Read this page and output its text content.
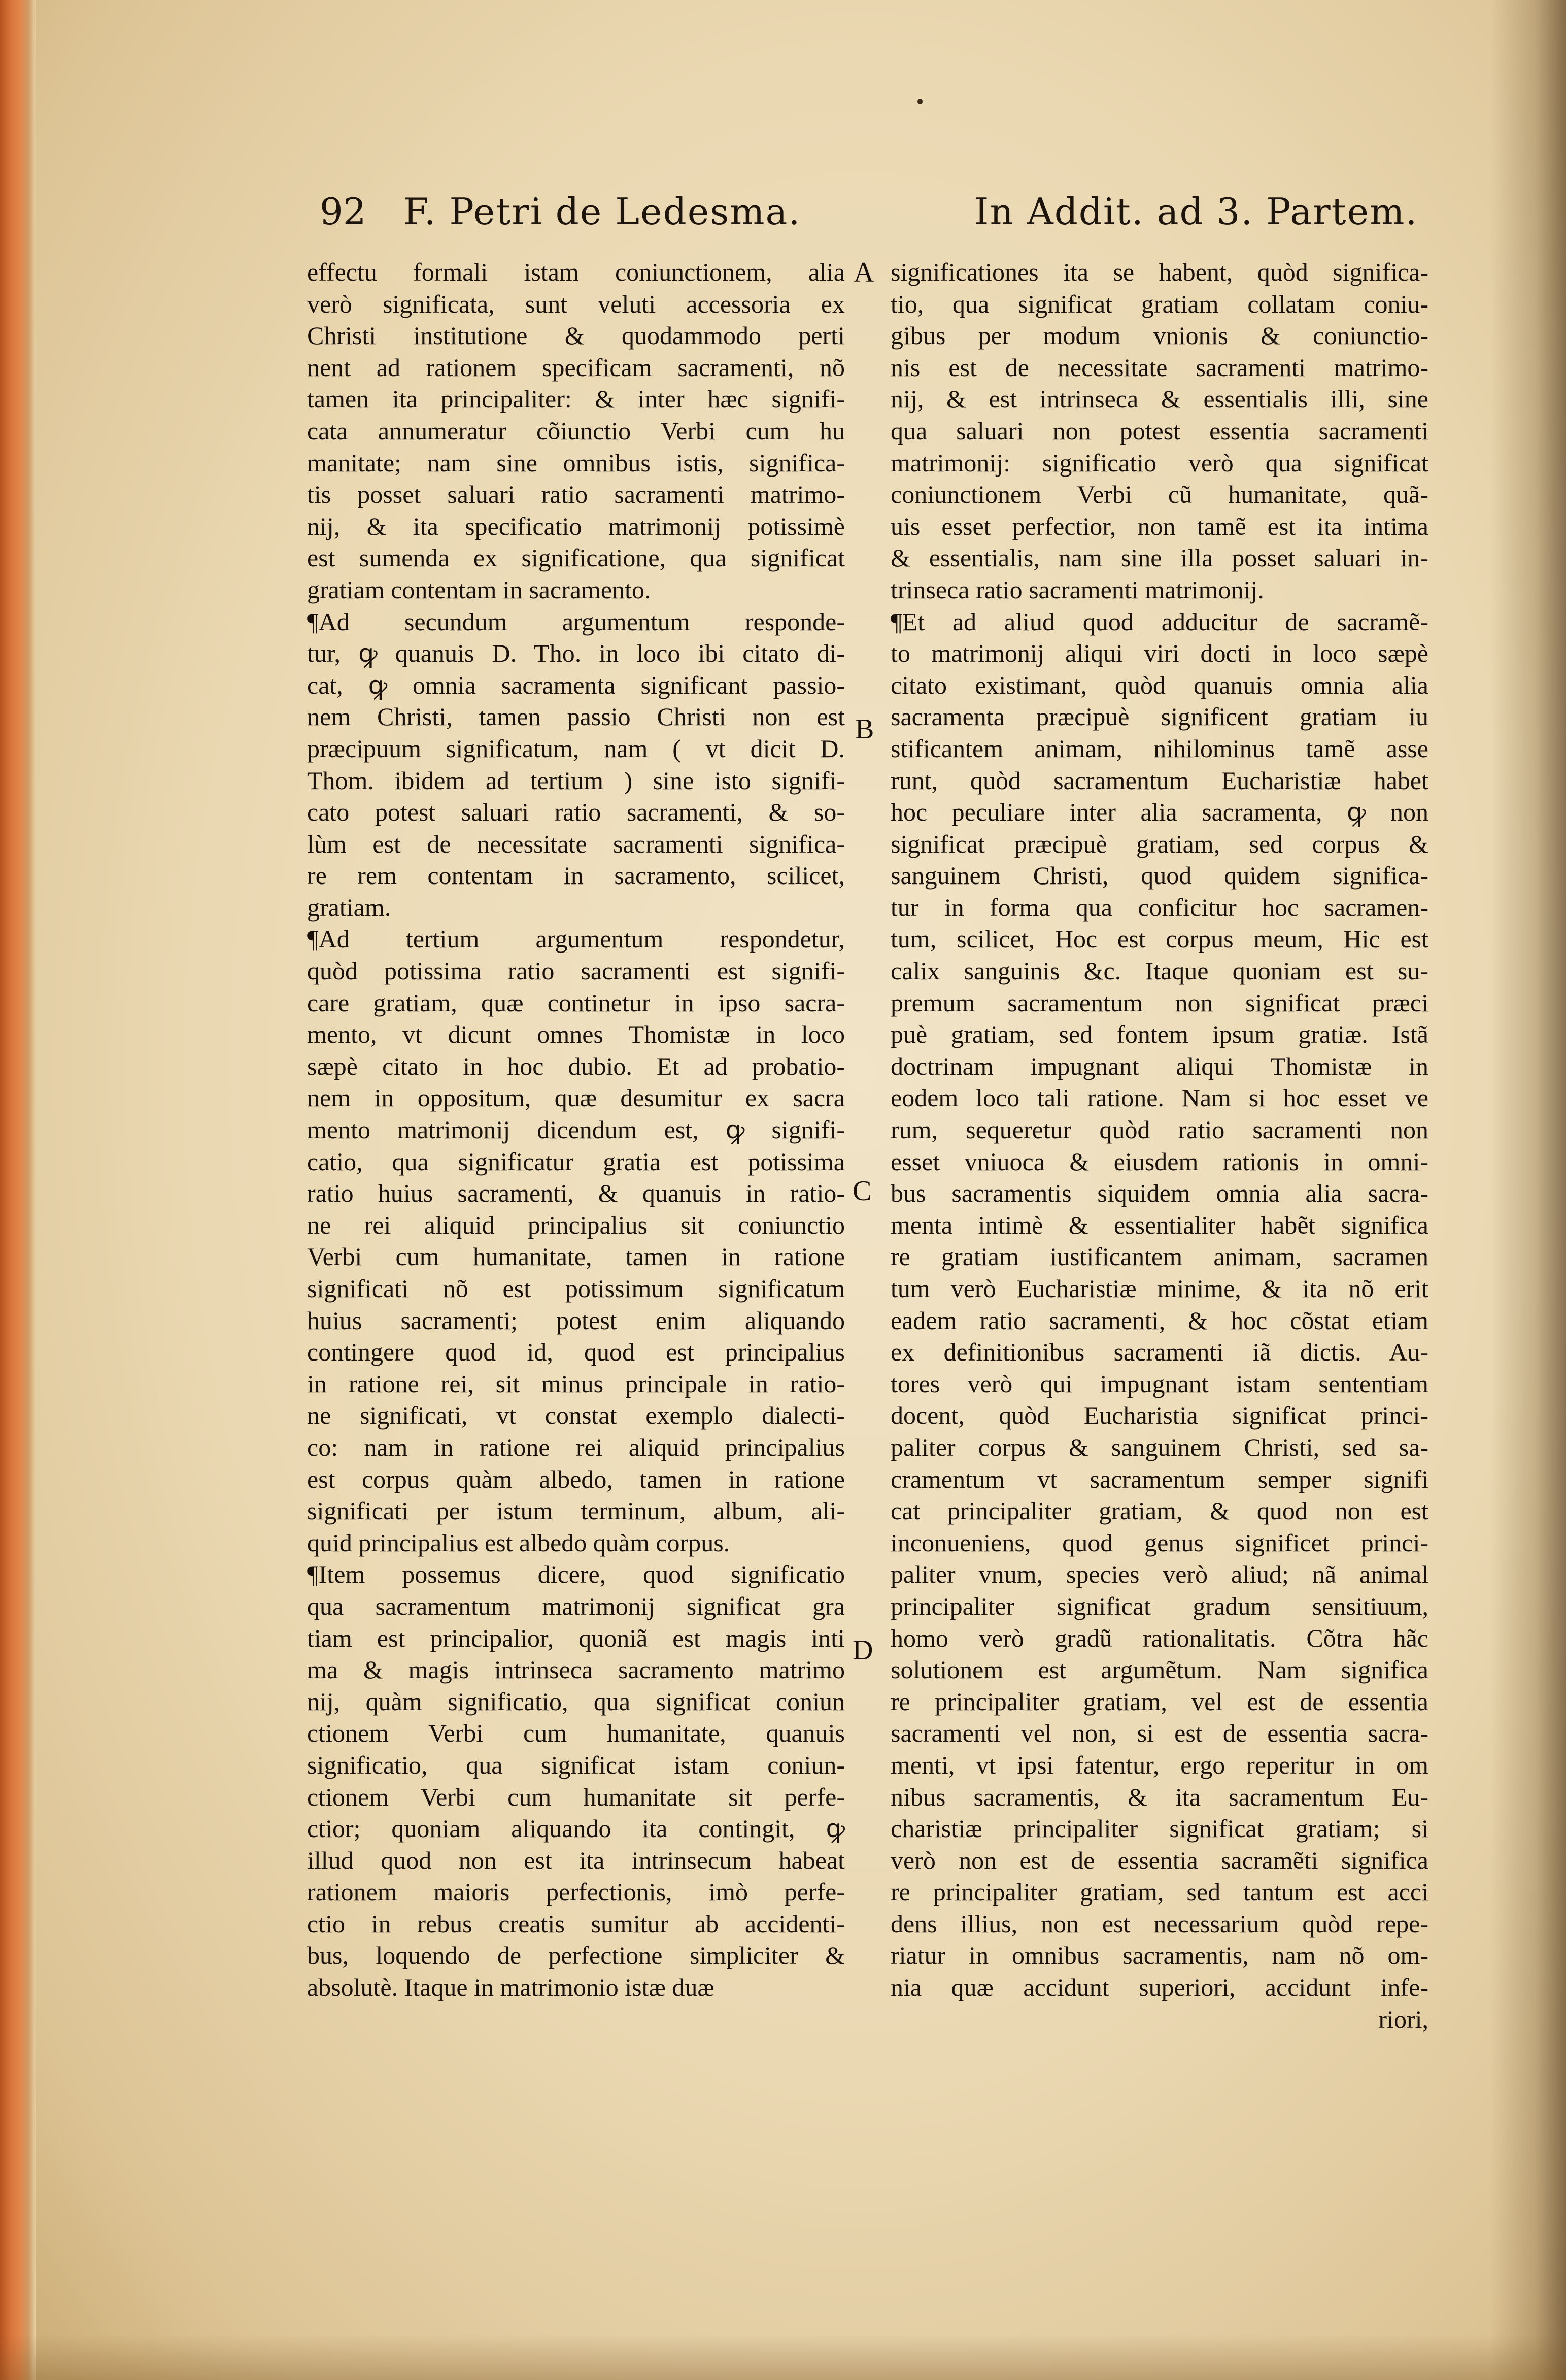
92 F. Petri de Ledesma.	In Addit. ad 3. Partem.
effectu formali istam coniunctionem, alia
verò significata, sunt veluti accessoria ex
Christi institutione & quodammodo perti
nent ad rationem specificam sacramenti, nõ
tamen ita principaliter: & inter hæc signifi-
cata annumeratur cõiunctio Verbi cum hu
manitate; nam sine omnibus istis, significa-
tis posset saluari ratio sacramenti matrimo-
nij, & ita specificatio matrimonij potissimè
est sumenda ex significatione, qua significat
gratiam contentam in sacramento.
¶Ad secundum argumentum responde-
tur, ꝙ quanuis D. Tho. in loco ibi citato di-
cat, ꝙ omnia sacramenta significant passio-
nem Christi, tamen passio Christi non est
præcipuum significatum, nam ( vt dicit D.
Thom. ibidem ad tertium ) sine isto signifi-
cato potest saluari ratio sacramenti, & so-
lùm est de necessitate sacramenti significa-
re rem contentam in sacramento, scilicet,
gratiam.
¶Ad tertium argumentum respondetur,
quòd potissima ratio sacramenti est signifi-
care gratiam, quæ continetur in ipso sacra-
mento, vt dicunt omnes Thomistæ in loco
sæpè citato in hoc dubio. Et ad probatio-
nem in oppositum, quæ desumitur ex sacra
mento matrimonij dicendum est, ꝙ signifi-
catio, qua significatur gratia est potissima
ratio huius sacramenti, & quanuis in ratio-
ne rei aliquid principalius sit coniunctio
Verbi cum humanitate, tamen in ratione
significati nõ est potissimum significatum
huius sacramenti; potest enim aliquando
contingere quod id, quod est principalius
in ratione rei, sit minus principale in ratio-
ne significati, vt constat exemplo dialecti-
co: nam in ratione rei aliquid principalius
est corpus quàm albedo, tamen in ratione
significati per istum terminum, album, ali-
quid principalius est albedo quàm corpus.
¶Item possemus dicere, quod significatio
qua sacramentum matrimonij significat gra
tiam est principalior, quoniã est magis inti
ma & magis intrinseca sacramento matrimo
nij, quàm significatio, qua significat coniun
ctionem Verbi cum humanitate, quanuis
significatio, qua significat istam coniun-
ctionem Verbi cum humanitate sit perfe-
ctior; quoniam aliquando ita contingit, ꝙ
illud quod non est ita intrinsecum habeat
rationem maioris perfectionis, imò perfe-
ctio in rebus creatis sumitur ab accidenti-
bus, loquendo de perfectione simpliciter &
absolutè. Itaque in matrimonio istæ duæ
significationes ita se habent, quòd significa-
tio, qua significat gratiam collatam coniu-
gibus per modum vnionis & coniunctio-
nis est de necessitate sacramenti matrimo-
nij, & est intrinseca & essentialis illi, sine
qua saluari non potest essentia sacramenti
matrimonij: significatio verò qua significat
coniunctionem Verbi cũ humanitate, quã-
uis esset perfectior, non tamẽ est ita intima
& essentialis, nam sine illa posset saluari in-
trinseca ratio sacramenti matrimonij.
¶Et ad aliud quod adducitur de sacramẽ-
to matrimonij aliqui viri docti in loco sæpè
citato existimant, quòd quanuis omnia alia
sacramenta præcipuè significent gratiam iu
stificantem animam, nihilominus tamẽ asse
runt, quòd sacramentum Eucharistiæ habet
hoc peculiare inter alia sacramenta, ꝙ non
significat præcipuè gratiam, sed corpus &
sanguinem Christi, quod quidem significa-
tur in forma qua conficitur hoc sacramen-
tum, scilicet, Hoc est corpus meum, Hic est
calix sanguinis &c. Itaque quoniam est su-
premum sacramentum non significat præci
puè gratiam, sed fontem ipsum gratiæ. Istã
doctrinam impugnant aliqui Thomistæ in
eodem loco tali ratione. Nam si hoc esset ve
rum, sequeretur quòd ratio sacramenti non
esset vniuoca & eiusdem rationis in omni-
bus sacramentis siquidem omnia alia sacra-
menta intimè & essentialiter habẽt significa
re gratiam iustificantem animam, sacramen
tum verò Eucharistiæ minime, & ita nõ erit
eadem ratio sacramenti, & hoc cõstat etiam
ex definitionibus sacramenti iã dictis. Au-
tores verò qui impugnant istam sententiam
docent, quòd Eucharistia significat princi-
paliter corpus & sanguinem Christi, sed sa-
cramentum vt sacramentum semper signifi
cat principaliter gratiam, & quod non est
inconueniens, quod genus significet princi-
paliter vnum, species verò aliud; nã animal
principaliter significat gradum sensitiuum,
homo verò gradũ rationalitatis. Cõtra hãc
solutionem est argumẽtum. Nam significa
re principaliter gratiam, vel est de essentia
sacramenti vel non, si est de essentia sacra-
menti, vt ipsi fatentur, ergo reperitur in om
nibus sacramentis, & ita sacramentum Eu-
charistiæ principaliter significat gratiam; si
verò non est de essentia sacramẽti significa
re principaliter gratiam, sed tantum est acci
dens illius, non est necessarium quòd repe-
riatur in omnibus sacramentis, nam nõ om-
nia quæ accidunt superiori, accidunt infe-
riori,
A
B
C
D
